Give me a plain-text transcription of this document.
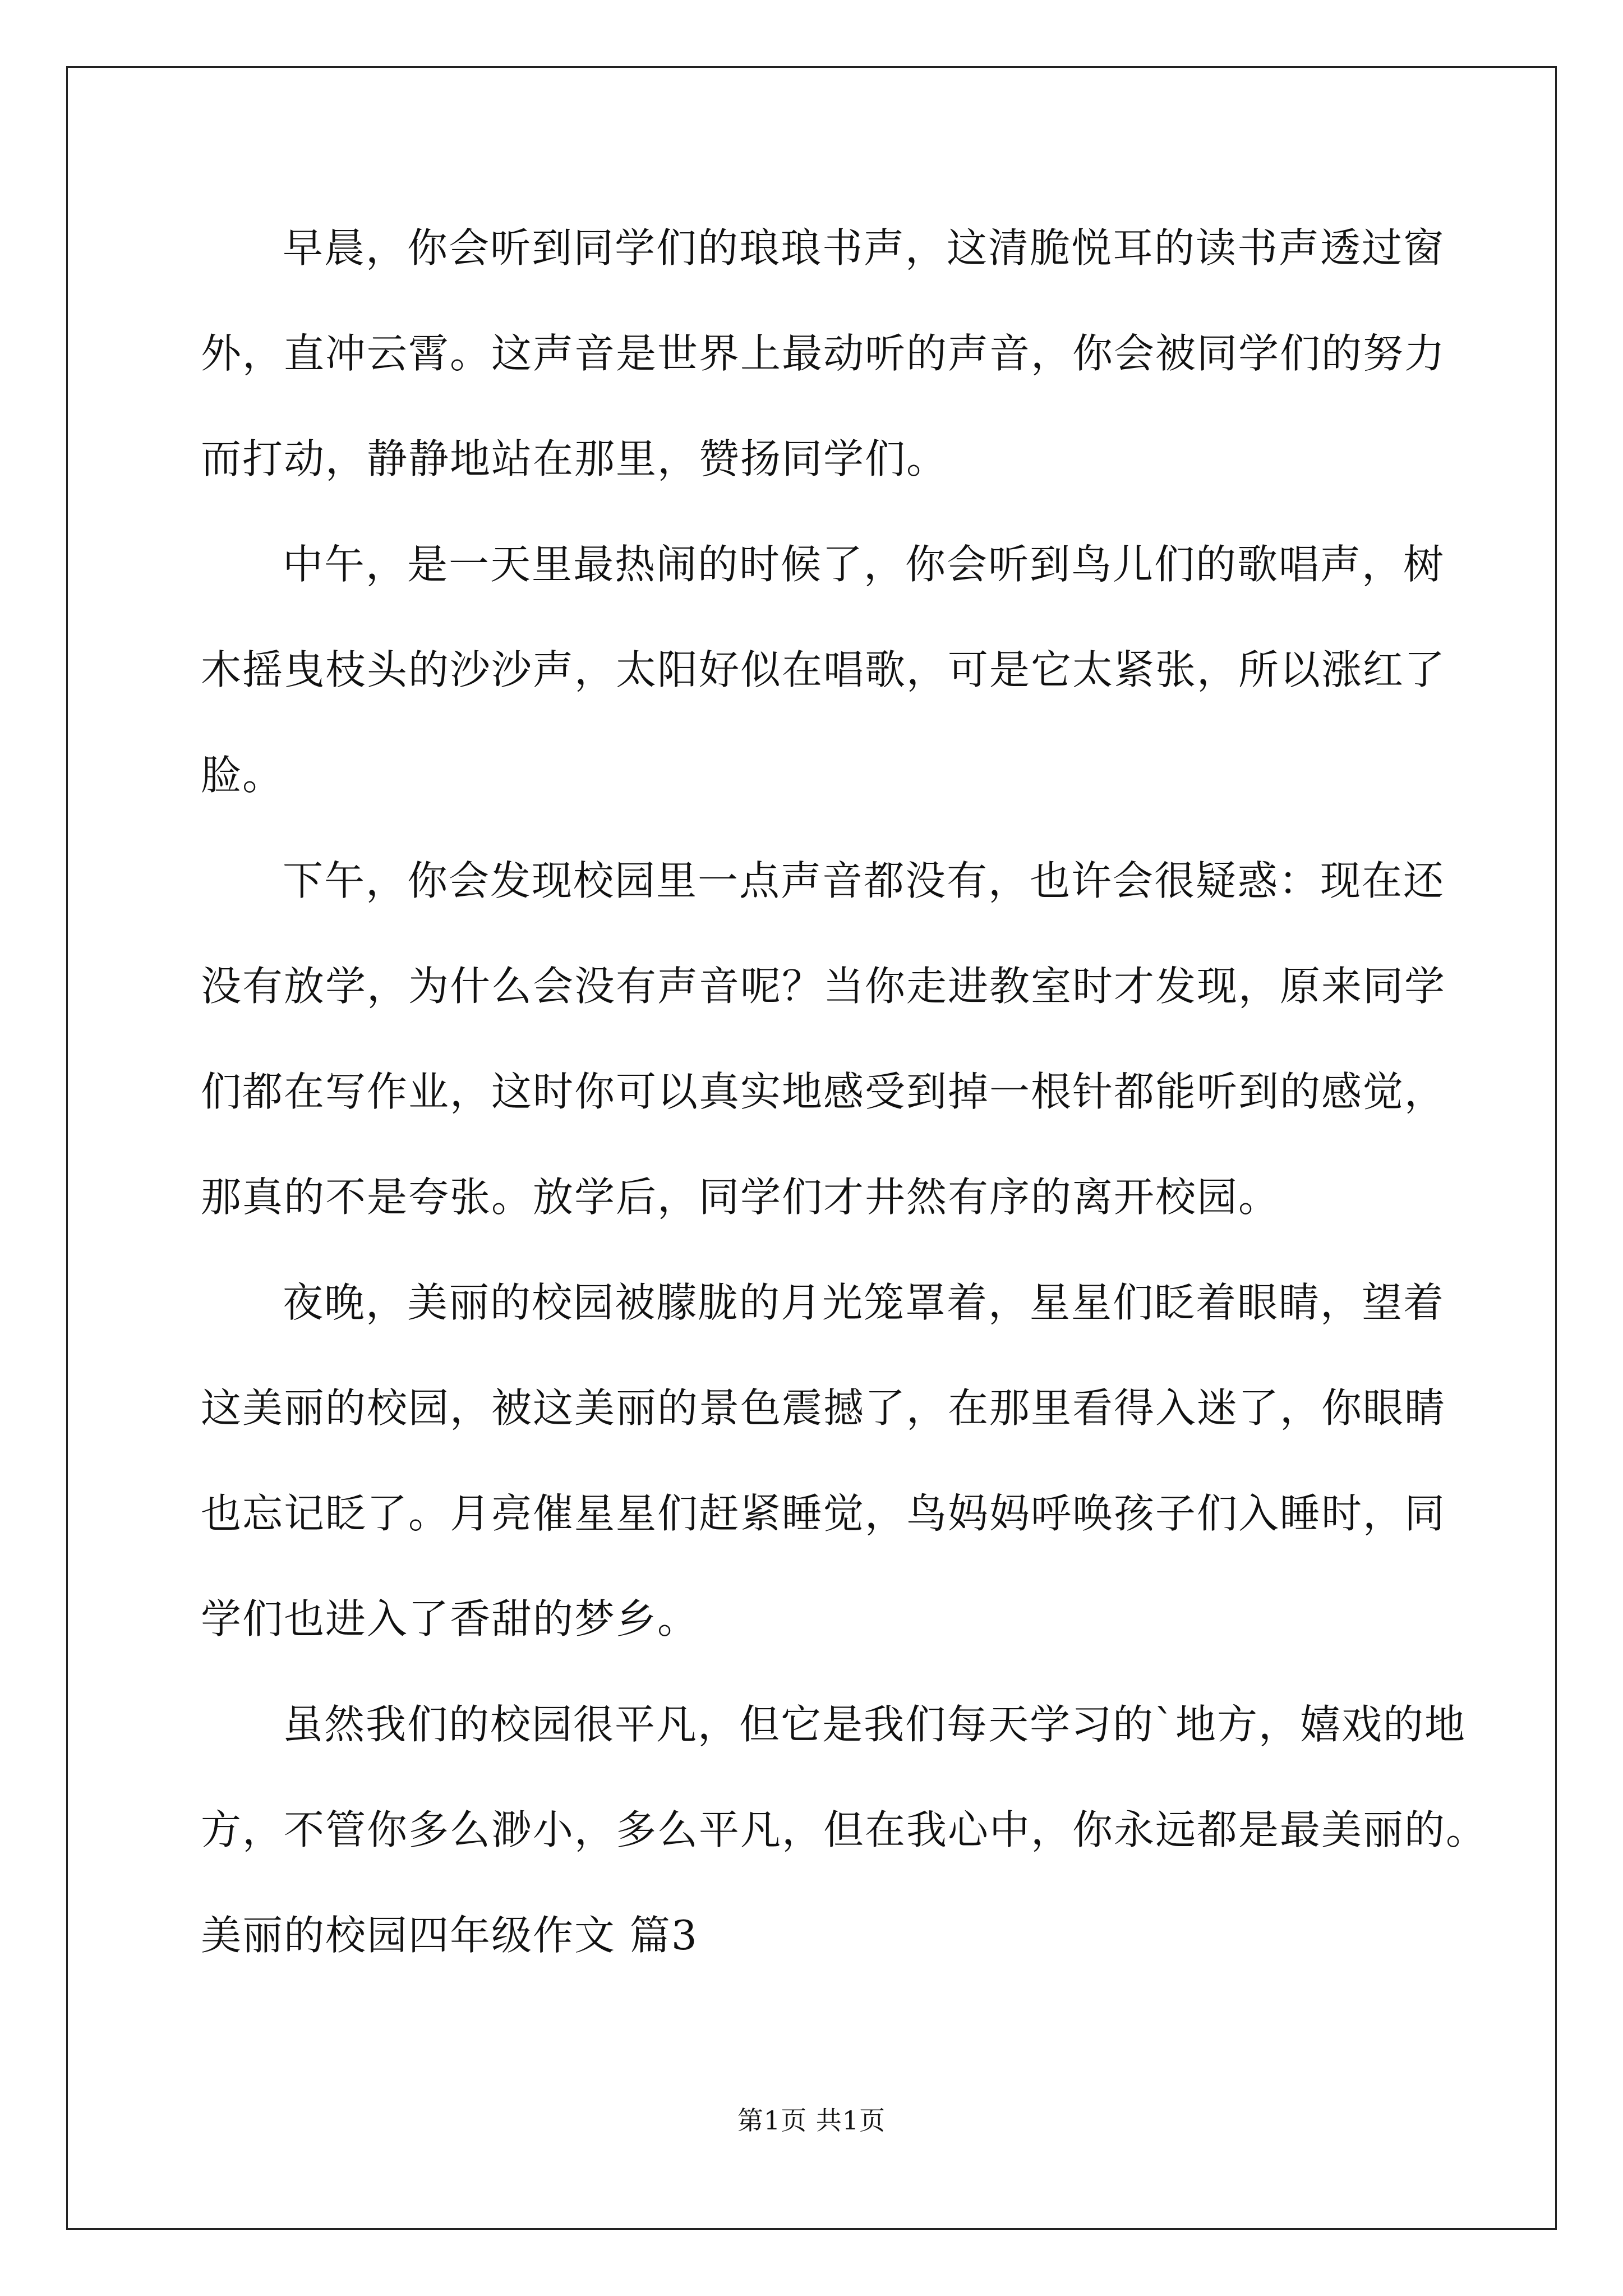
早晨，你会听到同学们的琅琅书声，这清脆悦耳的读书声透过窗
外，直冲云霄。这声音是世界上最动听的声音，你会被同学们的努力
而打动，静静地站在那里，赞扬同学们。
中午，是一天里最热闹的时候了，你会听到鸟儿们的歌唱声，树
木摇曳枝头的沙沙声，太阳好似在唱歌，可是它太紧张，所以涨红了
脸。
下午，你会发现校园里一点声音都没有，也许会很疑惑：现在还
没有放学，为什么会没有声音呢？当你走进教室时才发现，原来同学
们都在写作业，这时你可以真实地感受到掉一根针都能听到的感觉，
那真的不是夸张。放学后，同学们才井然有序的离开校园。
夜晚，美丽的校园被朦胧的月光笼罩着，星星们眨着眼睛，望着
这美丽的校园，被这美丽的景色震撼了，在那里看得入迷了，你眼睛
也忘记眨了。月亮催星星们赶紧睡觉，鸟妈妈呼唤孩子们入睡时，同
学们也进入了香甜的梦乡。
虽然我们的校园很平凡，但它是我们每天学习的`地方，嬉戏的地
方，不管你多么渺小，多么平凡，但在我心中，你永远都是最美丽的。
美丽的校园四年级作文 篇3
第1页 共1页
